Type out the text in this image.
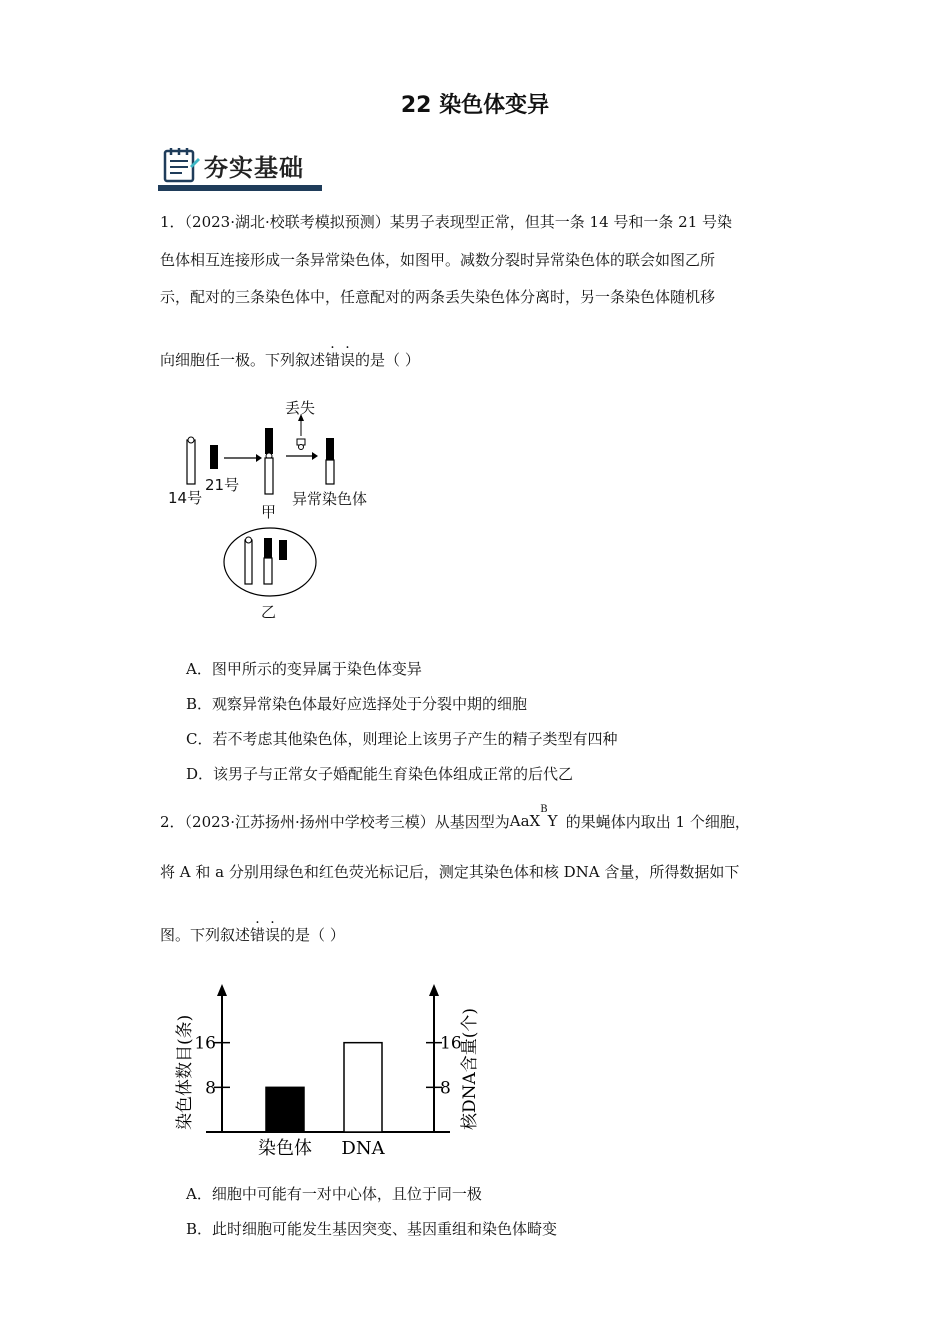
22 染色体变异
夯实基础
1．（2023·湖北·校联考模拟预测）某男子表现型正常，但其一条 14 号和一条 21 号染
色体相互连接形成一条异常染色体，如图甲。减数分裂时异常染色体的联会如图乙所
示，配对的三条染色体中，任意配对的两条丢失染色体分离时，另一条染色体随机移
向细胞任一极。下列叙述错误的是（ ）
丢失
14号
21号
甲
异常染色体
乙
A．图甲所示的变异属于染色体变异
B．观察异常染色体最好应选择处于分裂中期的细胞
C．若不考虑其他染色体，则理论上该男子产生的精子类型有四种
D．该男子与正常女子婚配能生育染色体组成正常的后代乙
2．（2023·江苏扬州·扬州中学校考三模）从基因型为 AaX$^B$Y 的果蝇体内取出 1 个细胞，
将 A 和 a 分别用绿色和红色荧光标记后，测定其染色体和核 DNA 含量，所得数据如下
图。下列叙述错误的是（ ）
8	8
16	16
染色体 DNA
染色体数目(条)	核DNA含量(个)
A．细胞中可能有一对中心体，且位于同一极
B．此时细胞可能发生基因突变、基因重组和染色体畸变
